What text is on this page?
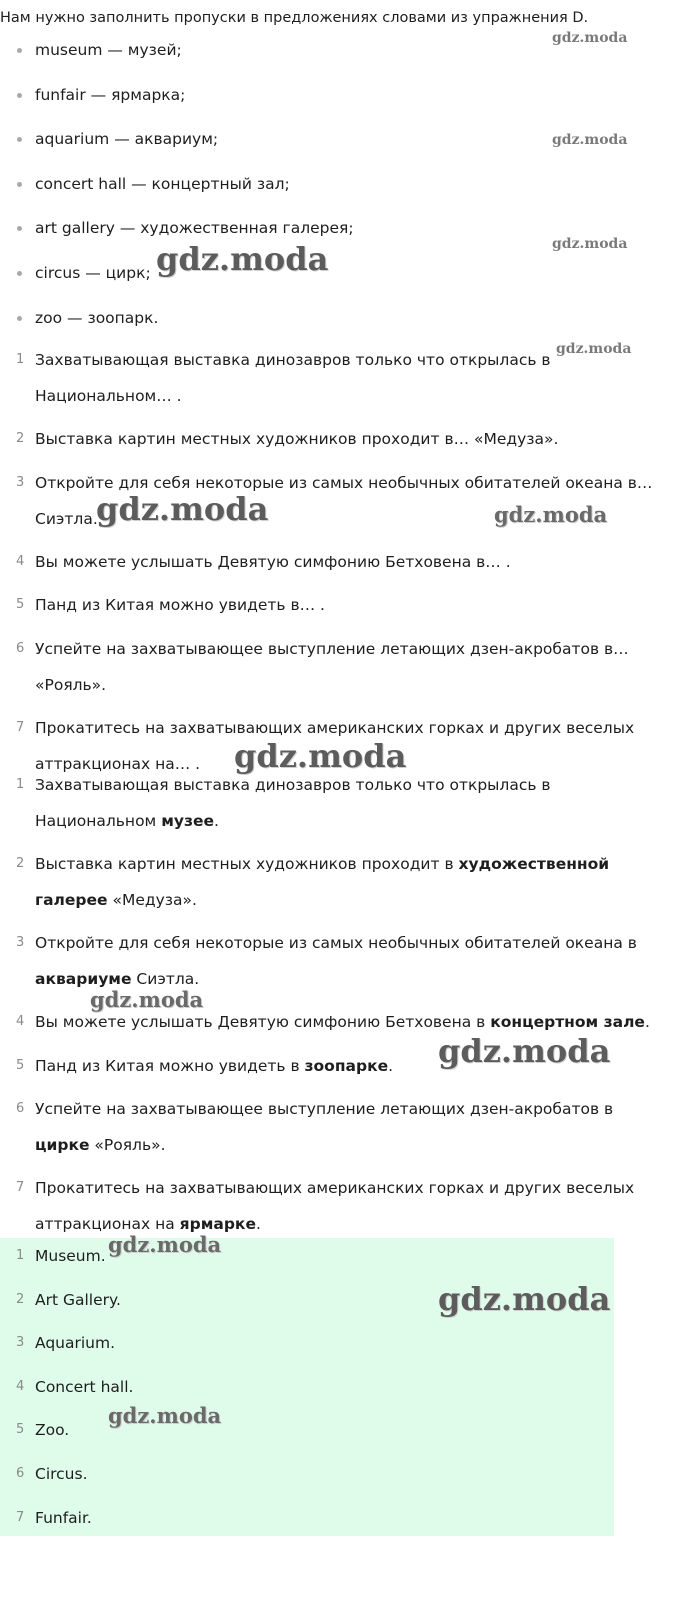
Нам нужно заполнить пропуски в предложениях словами из упражнения D.
museum — музей;
funfair — ярмарка;
aquarium — аквариум;
concert hall — концертный зал;
art gallery — художественная галерея;
circus — цирк;
zoo — зоопарк.
1 Захватывающая выставка динозавров только что открылась в
Национальном… .
2 Выставка картин местных художников проходит в… «Медуза».
3 Откройте для себя некоторые из самых необычных обитателей океана в…
Сиэтла.
4 Вы можете услышать Девятую симфонию Бетховена в… .
5 Панд из Китая можно увидеть в… .
6 Успейте на захватывающее выступление летающих дзен-акробатов в…
«Рояль».
7 Прокатитесь на захватывающих американских горках и других веселых
аттракционах на… .
1 Захватывающая выставка динозавров только что открылась в
Национальном музее.
2 Выставка картин местных художников проходит в художественной
галерее «Медуза».
3 Откройте для себя некоторые из самых необычных обитателей океана в
аквариуме Сиэтла.
4 Вы можете услышать Девятую симфонию Бетховена в концертном зале.
5 Панд из Китая можно увидеть в зоопарке.
6 Успейте на захватывающее выступление летающих дзен-акробатов в
цирке «Рояль».
7 Прокатитесь на захватывающих американских горках и других веселых
аттракционах на ярмарке.
1 Museum.
2 Art Gallery.
3 Aquarium.
4 Concert hall.
5 Zoo.
6 Circus.
7 Funfair.
gdz.moda
gdz.moda
gdz.moda
gdz.moda
gdz.moda
gdz.moda	gdz.moda
gdz.moda
gdz.moda
gdz.moda
gdz.moda
gdz.moda
gdz.moda
